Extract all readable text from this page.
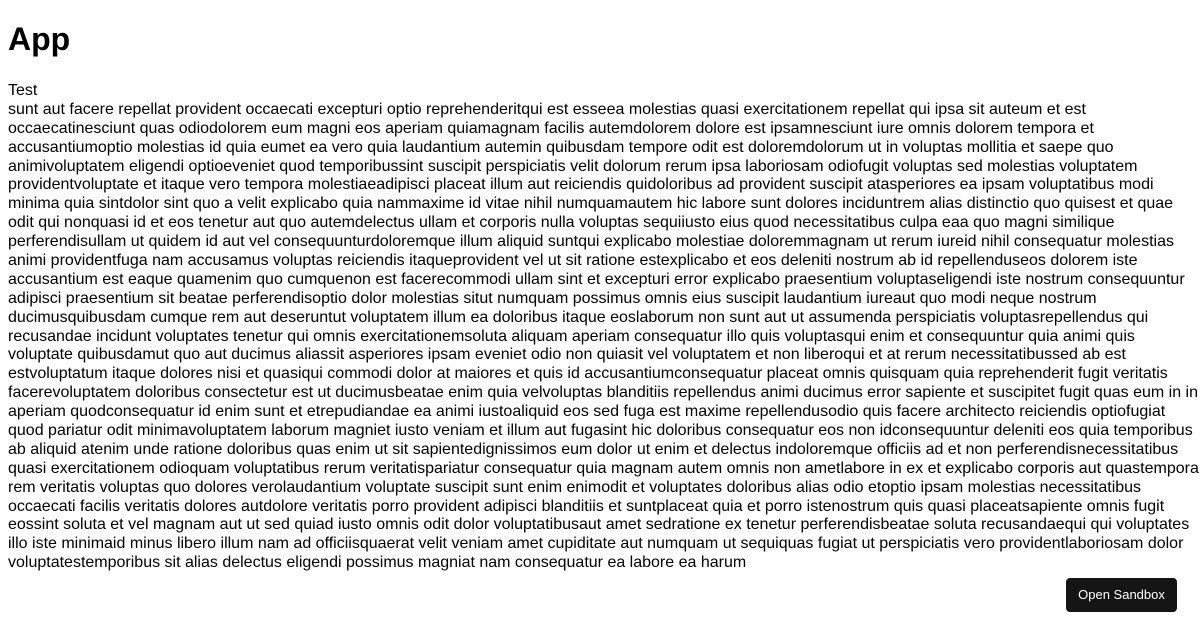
App
Test
sunt aut facere repellat provident occaecati excepturi optio reprehenderitqui est esseea molestias quasi exercitationem repellat qui ipsa sit auteum et est
occaecatinesciunt quas odiodolorem eum magni eos aperiam quiamagnam facilis autemdolorem dolore est ipsamnesciunt iure omnis dolorem tempora et
accusantiumoptio molestias id quia eumet ea vero quia laudantium autemin quibusdam tempore odit est doloremdolorum ut in voluptas mollitia et saepe quo
animivoluptatem eligendi optioeveniet quod temporibussint suscipit perspiciatis velit dolorum rerum ipsa laboriosam odiofugit voluptas sed molestias voluptatem
providentvoluptate et itaque vero tempora molestiaeadipisci placeat illum aut reiciendis quidoloribus ad provident suscipit atasperiores ea ipsam voluptatibus modi
minima quia sintdolor sint quo a velit explicabo quia nammaxime id vitae nihil numquamautem hic labore sunt dolores inciduntrem alias distinctio quo quisest et quae
odit qui nonquasi id et eos tenetur aut quo autemdelectus ullam et corporis nulla voluptas sequiiusto eius quod necessitatibus culpa eaa quo magni similique
perferendisullam ut quidem id aut vel consequunturdoloremque illum aliquid suntqui explicabo molestiae doloremmagnam ut rerum iureid nihil consequatur molestias
animi providentfuga nam accusamus voluptas reiciendis itaqueprovident vel ut sit ratione estexplicabo et eos deleniti nostrum ab id repellenduseos dolorem iste
accusantium est eaque quamenim quo cumquenon est facerecommodi ullam sint et excepturi error explicabo praesentium voluptaseligendi iste nostrum consequuntur
adipisci praesentium sit beatae perferendisoptio dolor molestias situt numquam possimus omnis eius suscipit laudantium iureaut quo modi neque nostrum
ducimusquibusdam cumque rem aut deseruntut voluptatem illum ea doloribus itaque eoslaborum non sunt aut ut assumenda perspiciatis voluptasrepellendus qui
recusandae incidunt voluptates tenetur qui omnis exercitationemsoluta aliquam aperiam consequatur illo quis voluptasqui enim et consequuntur quia animi quis
voluptate quibusdamut quo aut ducimus aliassit asperiores ipsam eveniet odio non quiasit vel voluptatem et non liberoqui et at rerum necessitatibussed ab est
estvoluptatum itaque dolores nisi et quasiqui commodi dolor at maiores et quis id accusantiumconsequatur placeat omnis quisquam quia reprehenderit fugit veritatis
facerevoluptatem doloribus consectetur est ut ducimusbeatae enim quia velvoluptas blanditiis repellendus animi ducimus error sapiente et suscipitet fugit quas eum in in
aperiam quodconsequatur id enim sunt et etrepudiandae ea animi iustoaliquid eos sed fuga est maxime repellendusodio quis facere architecto reiciendis optiofugiat
quod pariatur odit minimavoluptatem laborum magniet iusto veniam et illum aut fugasint hic doloribus consequatur eos non idconsequuntur deleniti eos quia temporibus
ab aliquid atenim unde ratione doloribus quas enim ut sit sapientedignissimos eum dolor ut enim et delectus indoloremque officiis ad et non perferendisnecessitatibus
quasi exercitationem odioquam voluptatibus rerum veritatispariatur consequatur quia magnam autem omnis non ametlabore in ex et explicabo corporis aut quastempora
rem veritatis voluptas quo dolores verolaudantium voluptate suscipit sunt enim enimodit et voluptates doloribus alias odio etoptio ipsam molestias necessitatibus
occaecati facilis veritatis dolores autdolore veritatis porro provident adipisci blanditiis et suntplaceat quia et porro istenostrum quis quasi placeatsapiente omnis fugit
eossint soluta et vel magnam aut ut sed quiad iusto omnis odit dolor voluptatibusaut amet sedratione ex tenetur perferendisbeatae soluta recusandaequi qui voluptates
illo iste minimaid minus libero illum nam ad officiisquaerat velit veniam amet cupiditate aut numquam ut sequiquas fugiat ut perspiciatis vero providentlaboriosam dolor
voluptatestemporibus sit alias delectus eligendi possimus magniat nam consequatur ea labore ea harum
Open Sandbox
